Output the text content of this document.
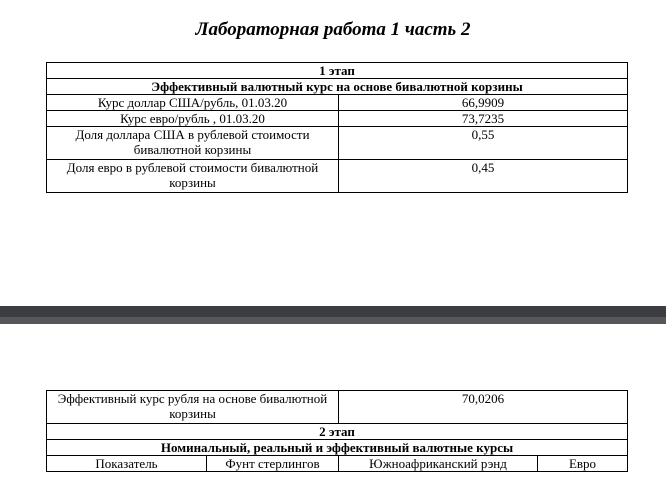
Лабораторная работа 1 часть 2
1 этап	
Эффективный валютный курс на основе бивалютной корзины	
Курс доллар США/рубль, 01.03.20	66,9909
Курс евро/рубль , 01.03.20	73,7235
Доля доллара США в рублевой стоимости бивалютной корзины	0,55
Доля евро в рублевой стоимости бивалютной корзины	0,45
Эффективный курс рубля на основе бивалютной корзины		70,0206	
2 этап			
Номинальный, реальный и эффективный валютные курсы			
Показатель	Фунт стерлингов	Южноафриканский рэнд	Евро
